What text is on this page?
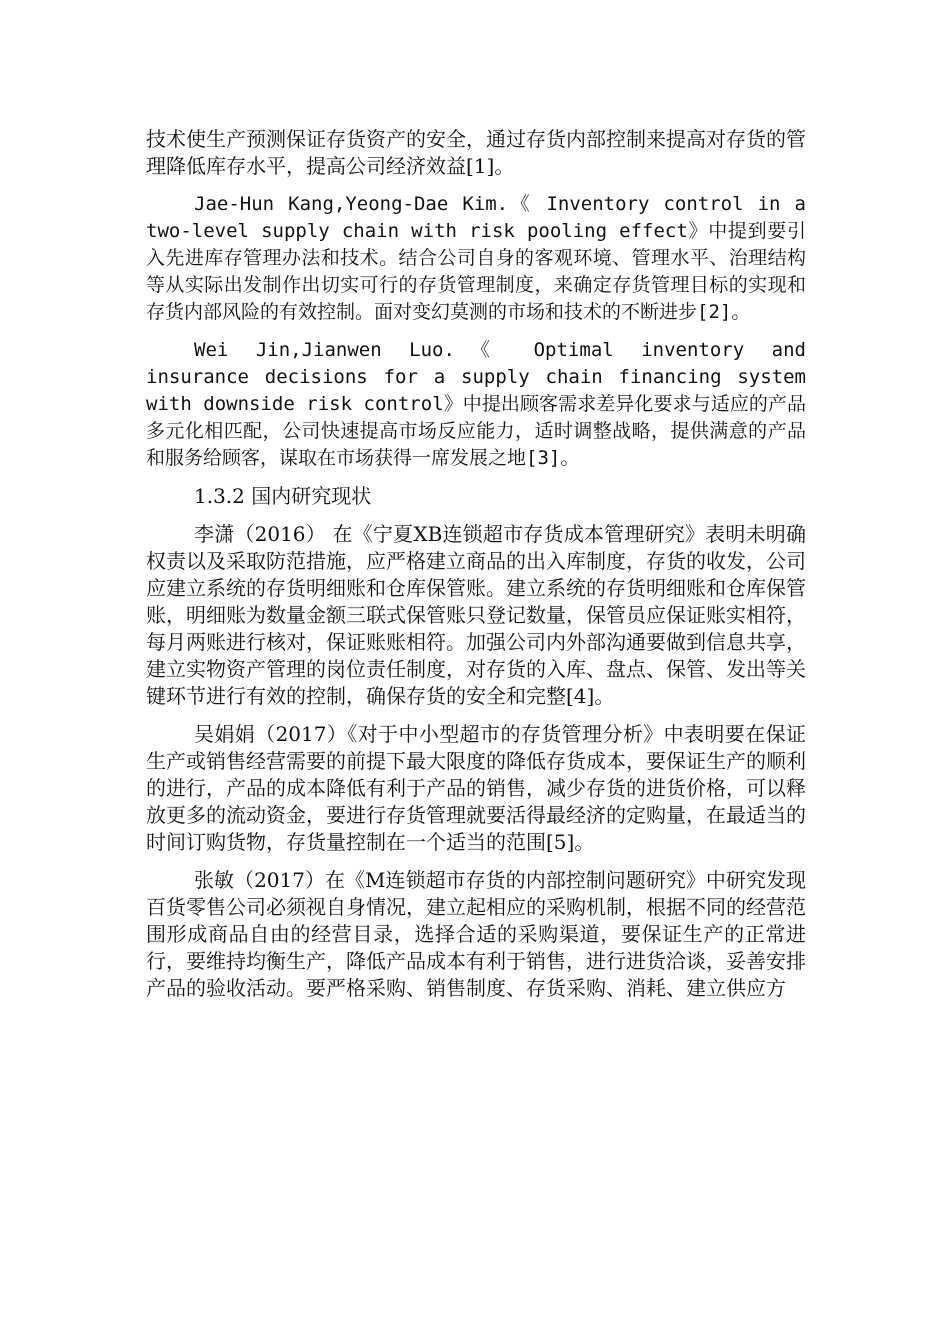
技术使生产预测保证存货资产的安全，通过存货内部控制来提高对存货的管理降低库存水平，提高公司经济效益[1]。

Jae-Hun Kang,Yeong-Dae Kim.《 Inventory control in a two-level supply chain with risk pooling effect》中提到要引入先进库存管理办法和技术。结合公司自身的客观环境、管理水平、治理结构等从实际出发制作出切实可行的存货管理制度，来确定存货管理目标的实现和存货内部风险的有效控制。面对变幻莫测的市场和技术的不断进步[2]。

Wei Jin,Jianwen Luo.《 Optimal inventory and insurance decisions for a supply chain financing system with downside risk control》中提出顾客需求差异化要求与适应的产品多元化相匹配，公司快速提高市场反应能力，适时调整战略，提供满意的产品和服务给顾客，谋取在市场获得一席发展之地[3]。

1.3.2 国内研究现状

李潇（2016） 在《宁夏XB连锁超市存货成本管理研究》表明未明确权责以及采取防范措施，应严格建立商品的出入库制度，存货的收发，公司应建立系统的存货明细账和仓库保管账。建立系统的存货明细账和仓库保管账，明细账为数量金额三联式保管账只登记数量，保管员应保证账实相符，每月两账进行核对，保证账账相符。加强公司内外部沟通要做到信息共享，建立实物资产管理的岗位责任制度，对存货的入库、盘点、保管、发出等关键环节进行有效的控制，确保存货的安全和完整[4]。

吴娟娟（2017）《对于中小型超市的存货管理分析》中表明要在保证生产或销售经营需要的前提下最大限度的降低存货成本，要保证生产的顺利的进行，产品的成本降低有利于产品的销售，减少存货的进货价格，可以释放更多的流动资金，要进行存货管理就要活得最经济的定购量，在最适当的时间订购货物，存货量控制在一个适当的范围[5]。

张敏（2017）在《M连锁超市存货的内部控制问题研究》中研究发现百货零售公司必须视自身情况，建立起相应的采购机制，根据不同的经营范围形成商品自由的经营目录，选择合适的采购渠道，要保证生产的正常进行，要维持均衡生产，降低产品成本有利于销售，进行进货洽谈，妥善安排产品的验收活动。要严格采购、销售制度、存货采购、消耗、建立供应方
